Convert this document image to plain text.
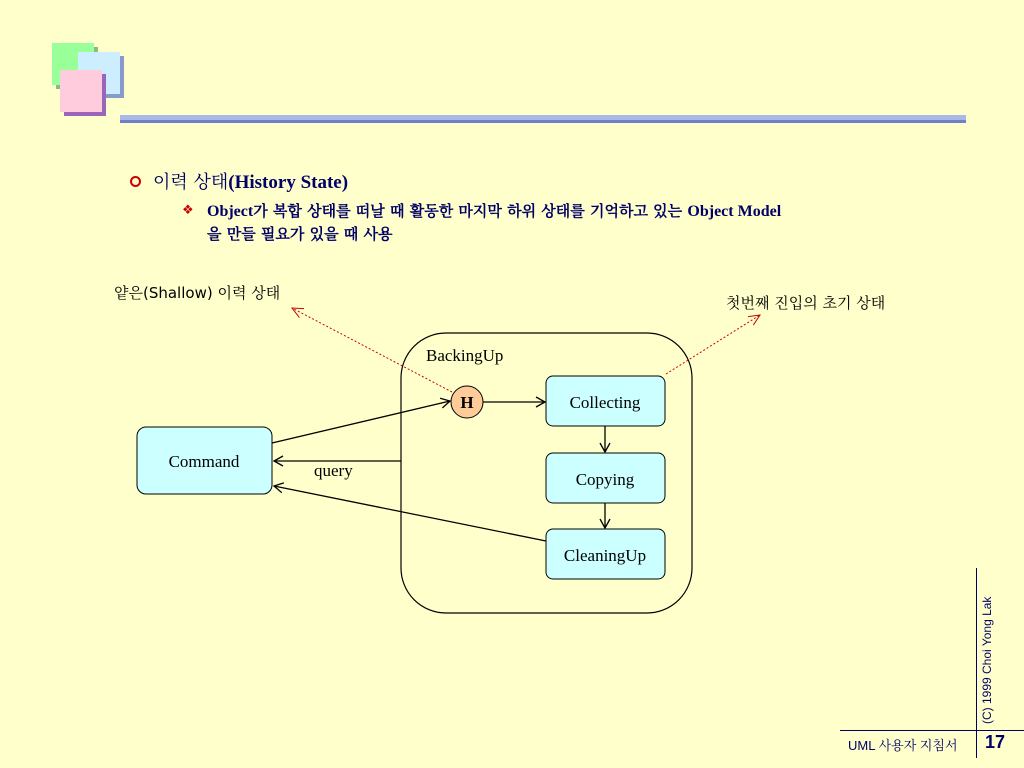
이력 상태(History State)
❖ Object가 복합 상태를 떠날 때 활동한 마지막 하위 상태를 기억하고 있는 Object Model
을 만들 필요가 있을 때 사용
BackingUp
Command
Collecting
Copying
CleaningUp
H
query
얕은(Shallow) 이력 상태
첫번째 진입의 초기 상태
(C) 1999 Choi Yong Lak
UML 사용자 지침서 17
